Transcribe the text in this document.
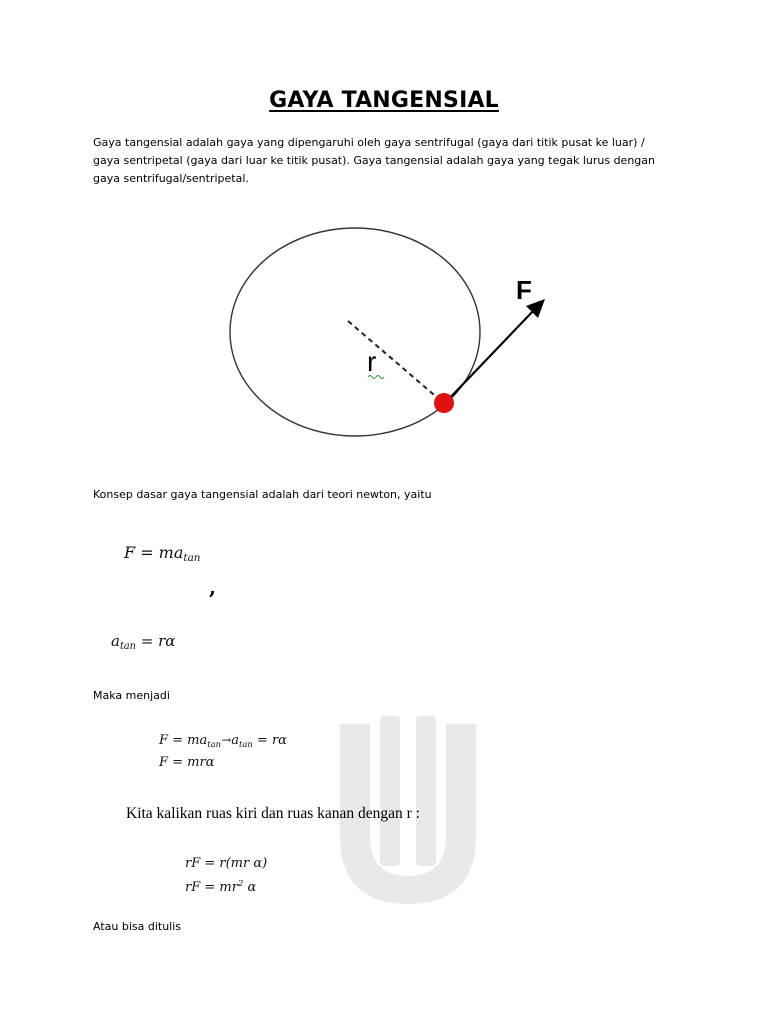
GAYA TANGENSIAL
Gaya tangensial adalah gaya yang dipengaruhi oleh gaya sentrifugal (gaya dari titik pusat ke luar) /
gaya sentripetal (gaya dari luar ke titik pusat). Gaya tangensial adalah gaya yang tegak lurus dengan
gaya sentrifugal/sentripetal.
F
r
Konsep dasar gaya tangensial adalah dari teori newton, yaitu
$F = ma_{tan}$
,
$a_{tan} = r\alpha$
Maka menjadi
$F = ma_{tan}\to a_{tan} = r\alpha$
F = mrα
Kita kalikan ruas kiri dan ruas kanan dengan r :
rF = r(mr α)
rF = $mr^2$ α
Atau bisa ditulis
